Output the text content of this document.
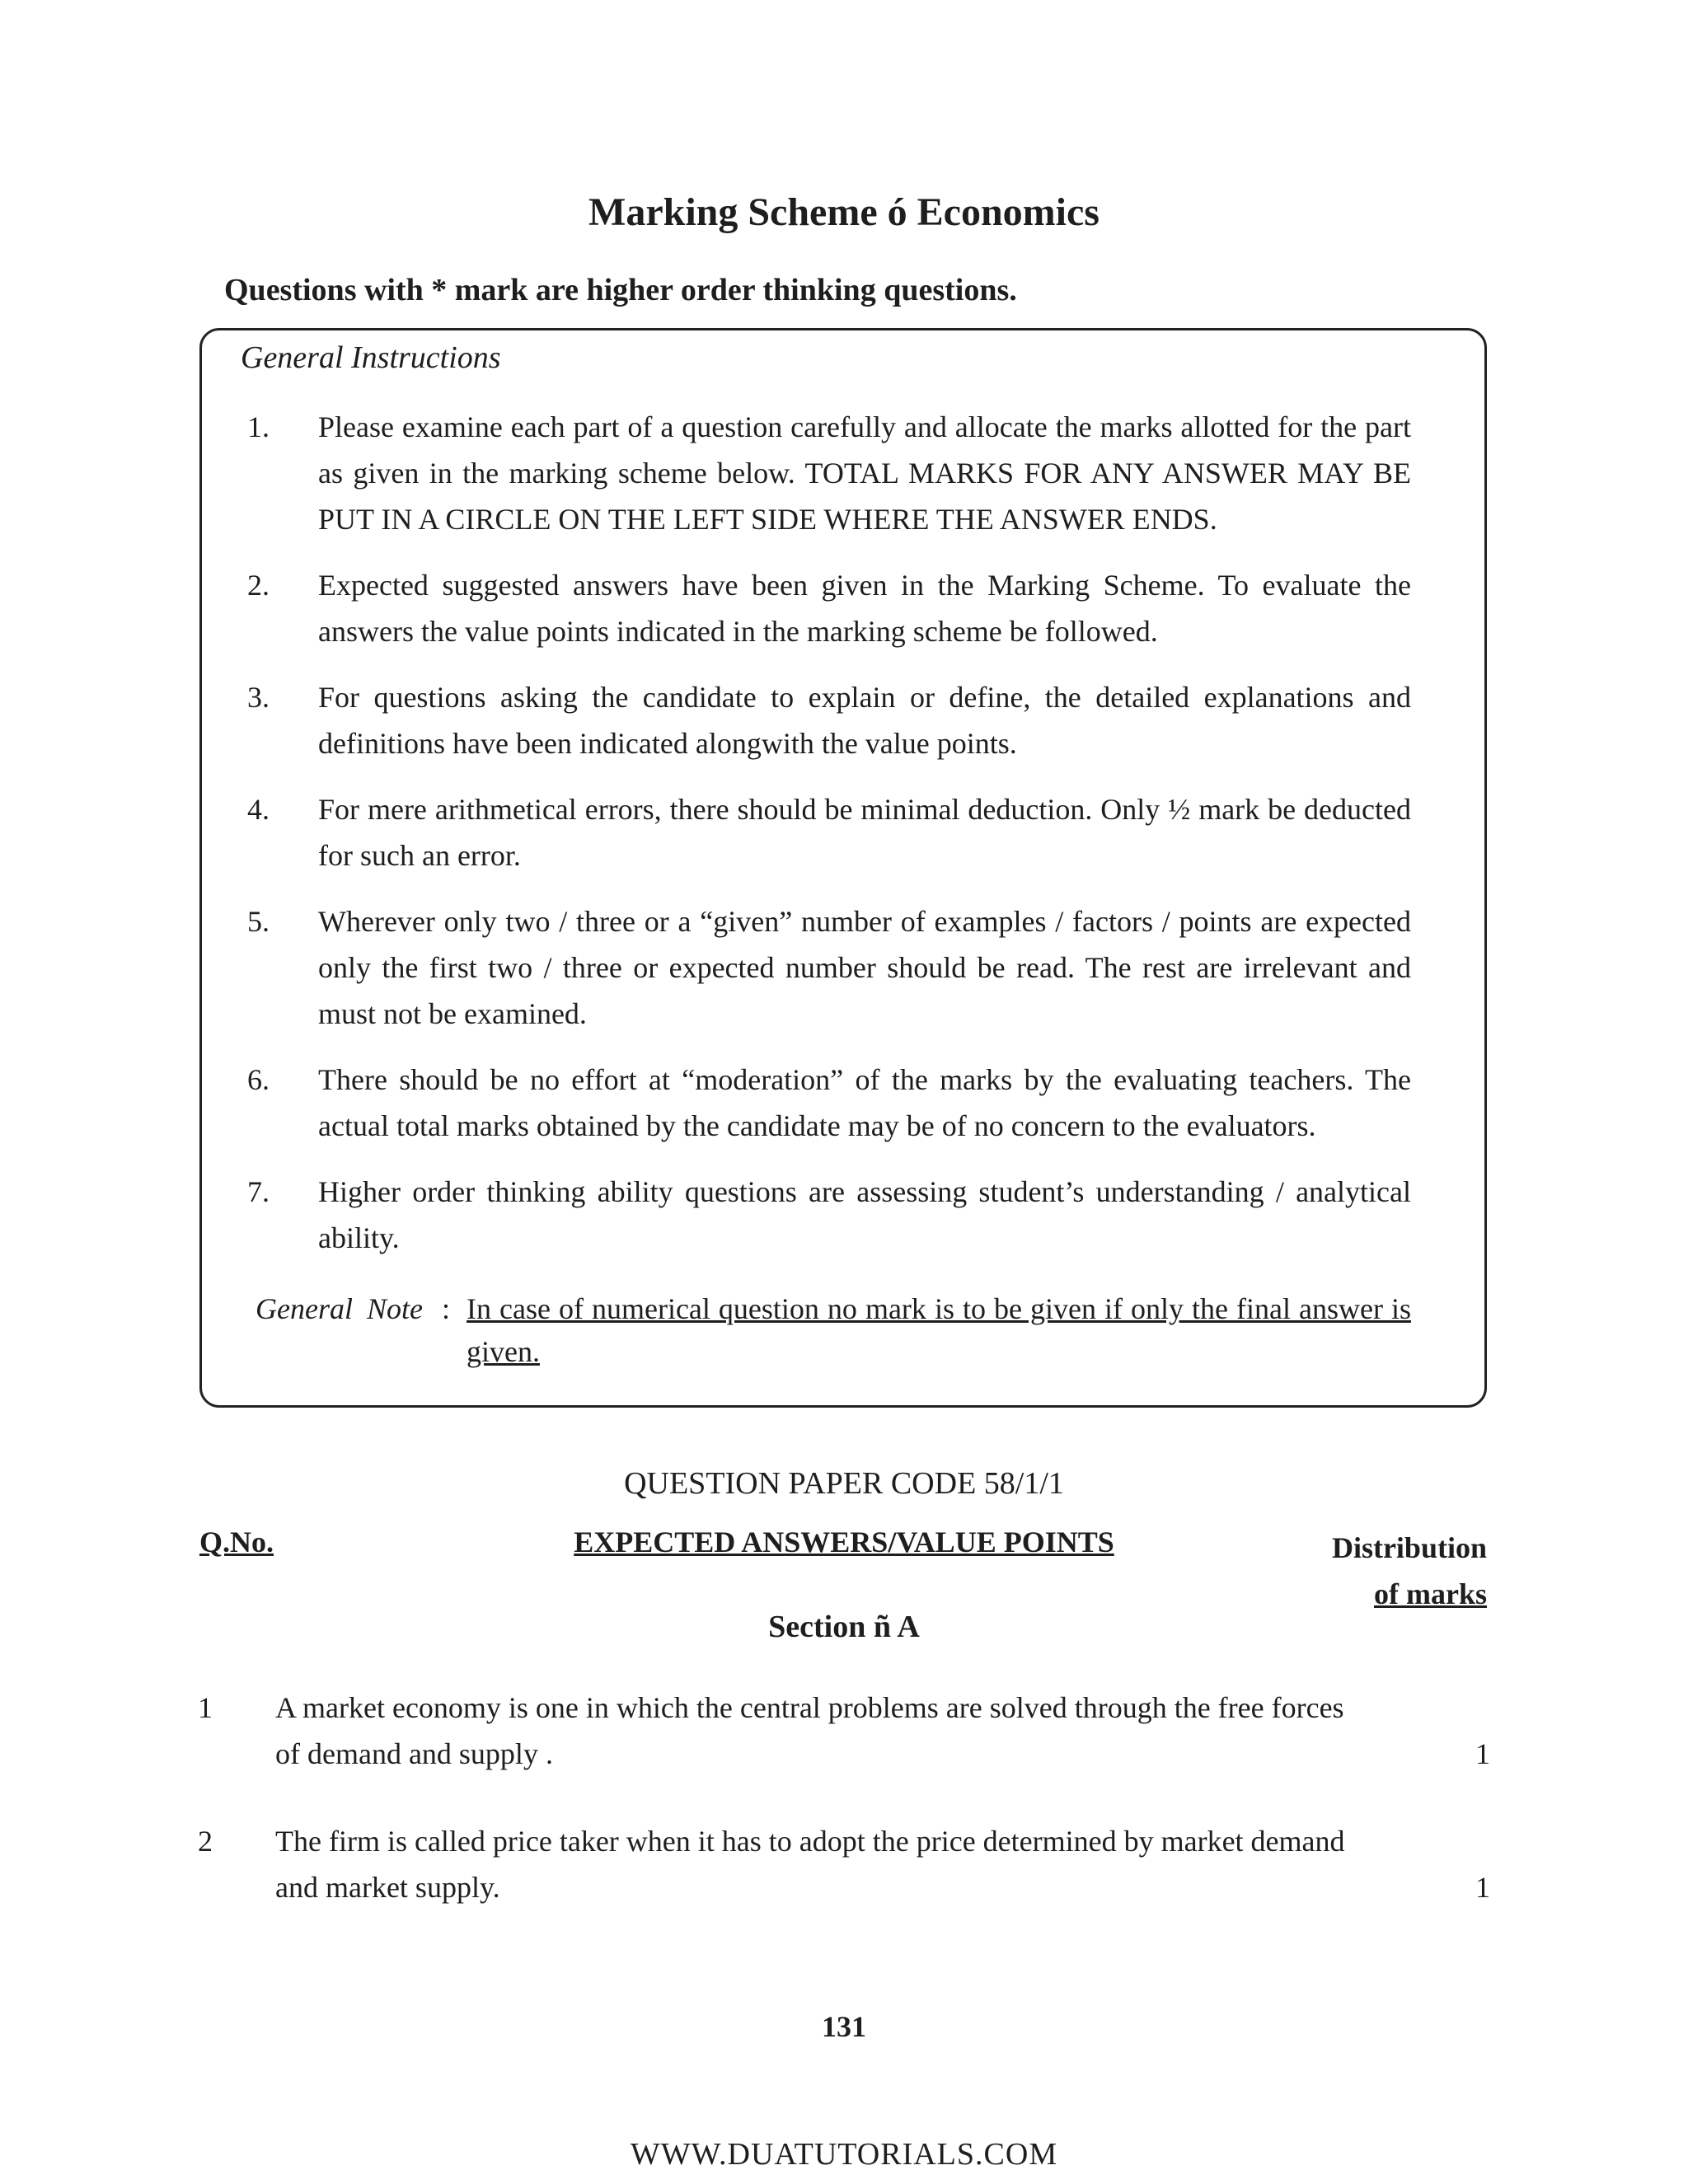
Marking Scheme ó Economics
Questions with * mark are higher order thinking questions.
General Instructions
1.	Please examine each part of a question carefully and allocate the marks allotted for the part as given in the marking scheme below. TOTAL MARKS FOR ANY ANSWER MAY BE PUT IN A CIRCLE ON THE LEFT SIDE WHERE THE ANSWER ENDS.
2.	Expected suggested answers have been given in the Marking Scheme. To evaluate the answers the value points indicated in the marking scheme be followed.
3.	For questions asking the candidate to explain or define, the detailed explanations and definitions have been indicated alongwith the value points.
4.	For mere arithmetical errors, there should be minimal deduction. Only ½ mark be deducted for such an error.
5.	Wherever only two / three or a “given” number of examples / factors / points are expected only the first two / three or expected number should be read. The rest are irrelevant and must not be examined.
6.	There should be no effort at “moderation” of the marks by the evaluating teachers. The actual total marks obtained by the candidate may be of no concern to the evaluators.
7.	Higher order thinking ability questions are assessing student’s understanding / analytical ability.
General Note : In case of numerical question no mark is to be given if only the final answer is given.
QUESTION PAPER CODE 58/1/1
Q.No.	EXPECTED ANSWERS/VALUE POINTS	Distribution
of marks
Section ñ A
1 A market economy is one in which the central problems are solved through the free forces of demand and supply .	1
2 The firm is called price taker when it has to adopt the price determined by market demand and market supply.	1
131
WWW.DUATUTORIALS.COM
